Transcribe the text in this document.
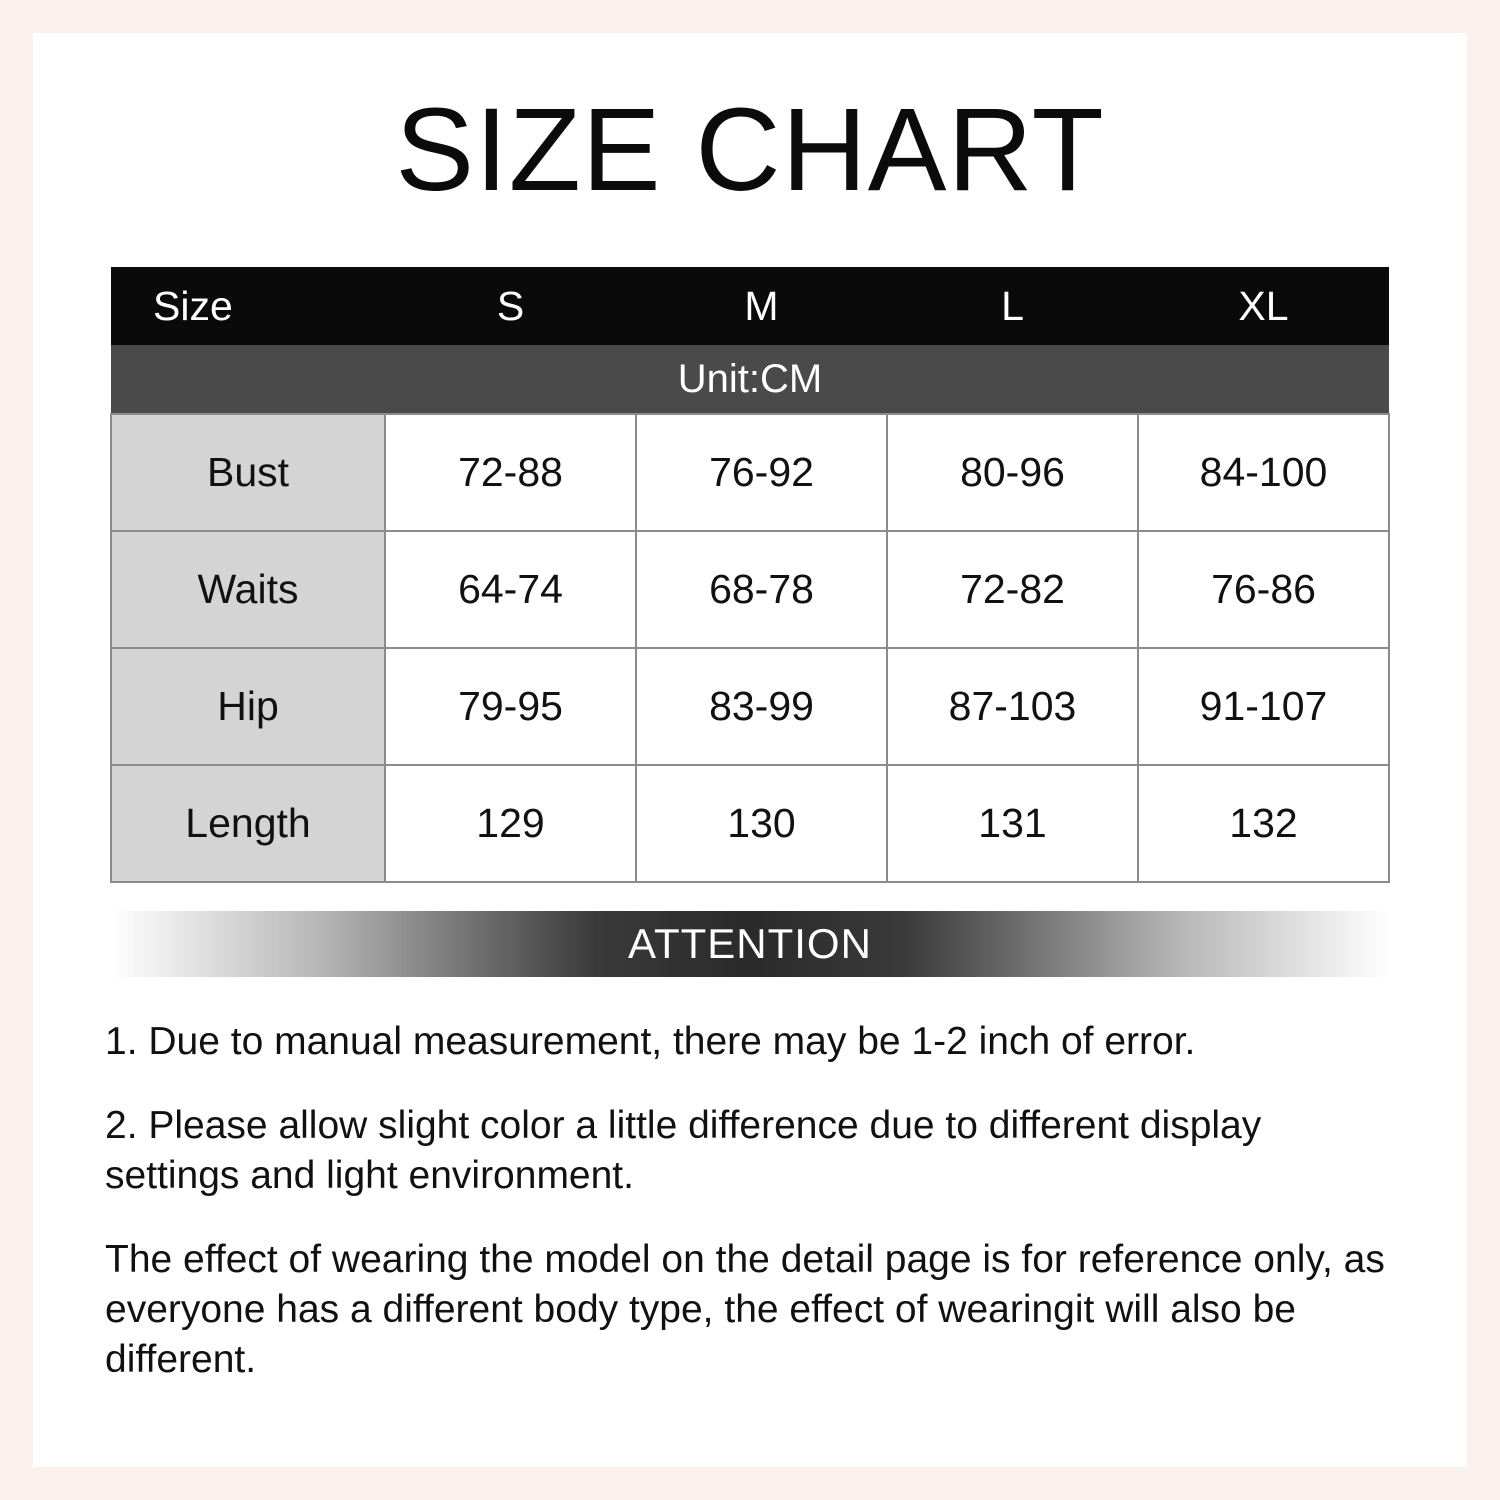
SIZE CHART
Size	S	M	L	XL
Unit:CM				
Bust	72-88	76-92	80-96	84-100
Waits	64-74	68-78	72-82	76-86
Hip	79-95	83-99	87-103	91-107
Length	129	130	131	132
ATTENTION

1. Due to manual measurement, there may be 1-2 inch of error.

2. Please allow slight color a little difference due to different display settings and light environment.

The effect of wearing the model on the detail page is for reference only, as everyone has a different body type, the effect of wearingit will also be different.
